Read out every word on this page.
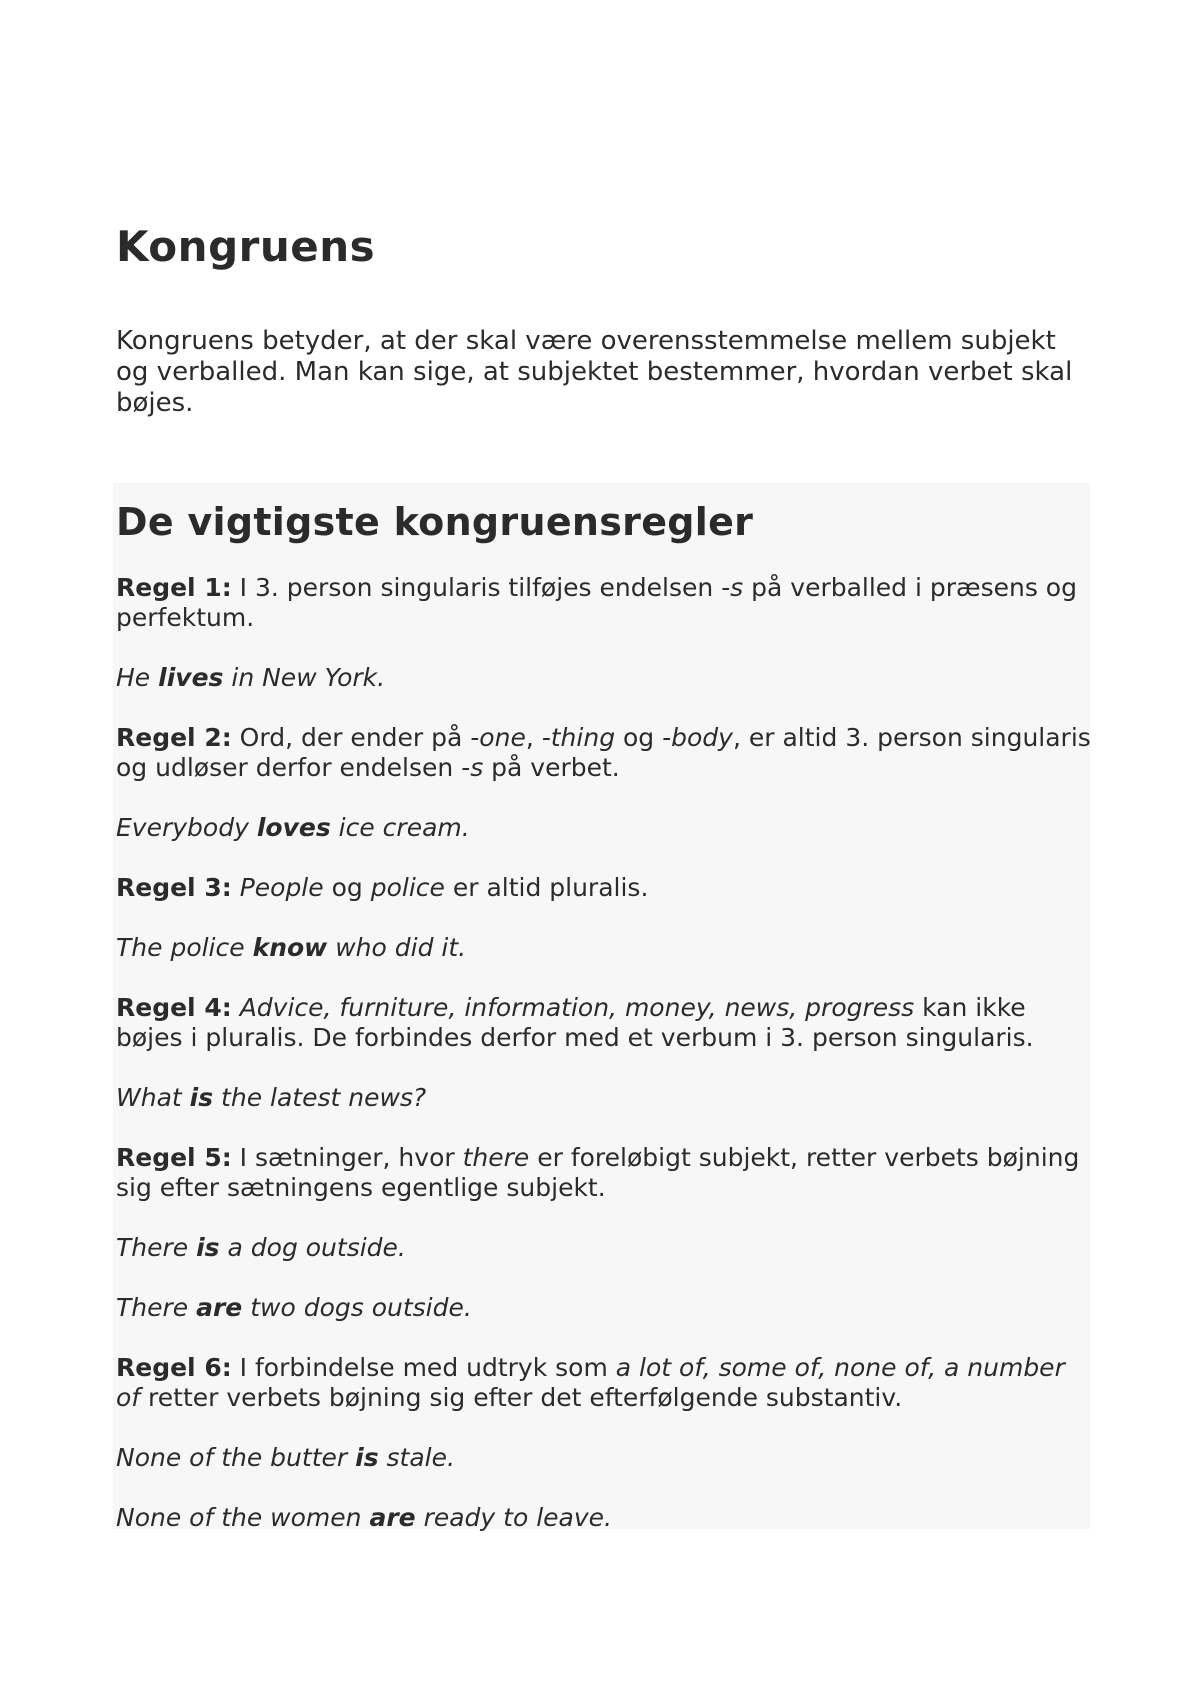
Kongruens

Kongruens betyder, at der skal være overensstemmelse mellem subjekt og verballed. Man kan sige, at subjektet bestemmer, hvordan verbet skal bøjes.

De vigtigste kongruensregler

Regel 1: I 3. person singularis tilføjes endelsen -s på verballed i præsens og perfektum.

He lives in New York.

Regel 2: Ord, der ender på -one, -thing og -body, er altid 3. person singularis og udløser derfor endelsen -s på verbet.

Everybody loves ice cream.

Regel 3: People og police er altid pluralis.

The police know who did it.

Regel 4: Advice, furniture, information, money, news, progress kan ikke bøjes i pluralis. De forbindes derfor med et verbum i 3. person singularis.

What is the latest news?

Regel 5: I sætninger, hvor there er foreløbigt subjekt, retter verbets bøjning sig efter sætningens egentlige subjekt.

There is a dog outside.

There are two dogs outside.

Regel 6: I forbindelse med udtryk som a lot of, some of, none of, a number of retter verbets bøjning sig efter det efterfølgende substantiv.

None of the butter is stale.

None of the women are ready to leave.
